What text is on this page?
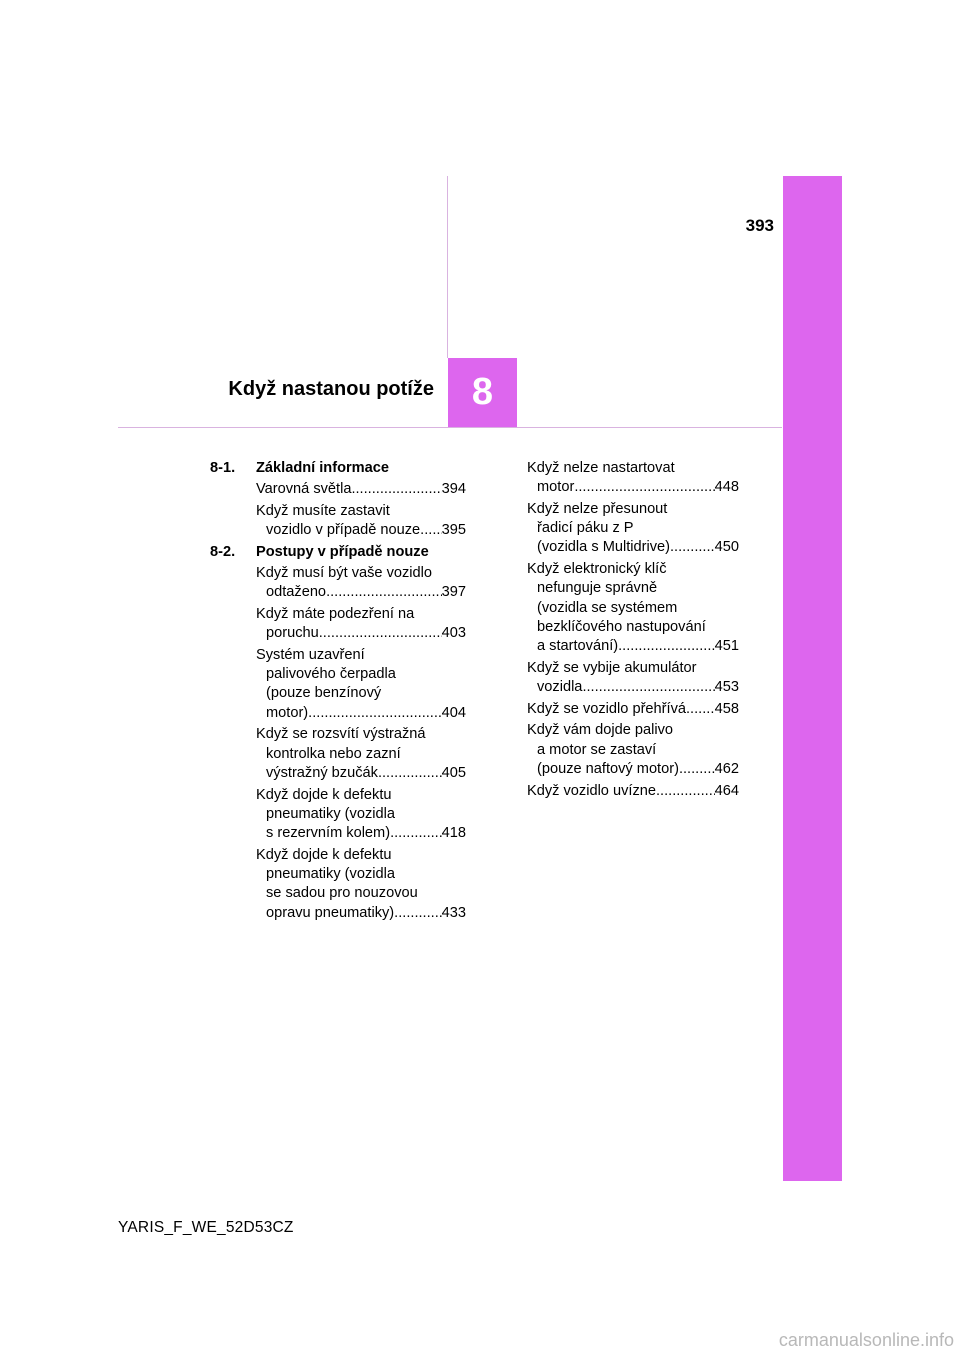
8
393
Když nastanou potíže
8-1.	Základní informace
Varovná světla .....	394
Když musíte zastavit
vozidlo v případě nouze ..... 395
8-2.	Postupy v případě nouze
Když musí být vaše vozidlo
odtaženo .....	397
Když máte podezření na
poruchu .....	403
Systém uzavření
palivového čerpadla
(pouze benzínový
motor) .....	404
Když se rozsvítí výstražná
kontrolka nebo zazní
výstražný bzučák .....	405
Když dojde k defektu
pneumatiky (vozidla
s rezervním kolem) .....	418
Když dojde k defektu
pneumatiky (vozidla
se sadou pro nouzovou
opravu pneumatiky) .....	433
Když nelze nastartovat
motor .....	448
Když nelze přesunout
řadicí páku z P
(vozidla s Multidrive) .....	450
Když elektronický klíč
nefunguje správně
(vozidla se systémem
bezklíčového nastupování
a startování) .....	451
Když se vybije akumulátor
vozidla .....	453
Když se vozidlo přehřívá ..... 458
Když vám dojde palivo
a motor se zastaví
(pouze naftový motor) ..... 462
Když vozidlo uvízne .....	464
YARIS_F_WE_52D53CZ
carmanualsonline.info
